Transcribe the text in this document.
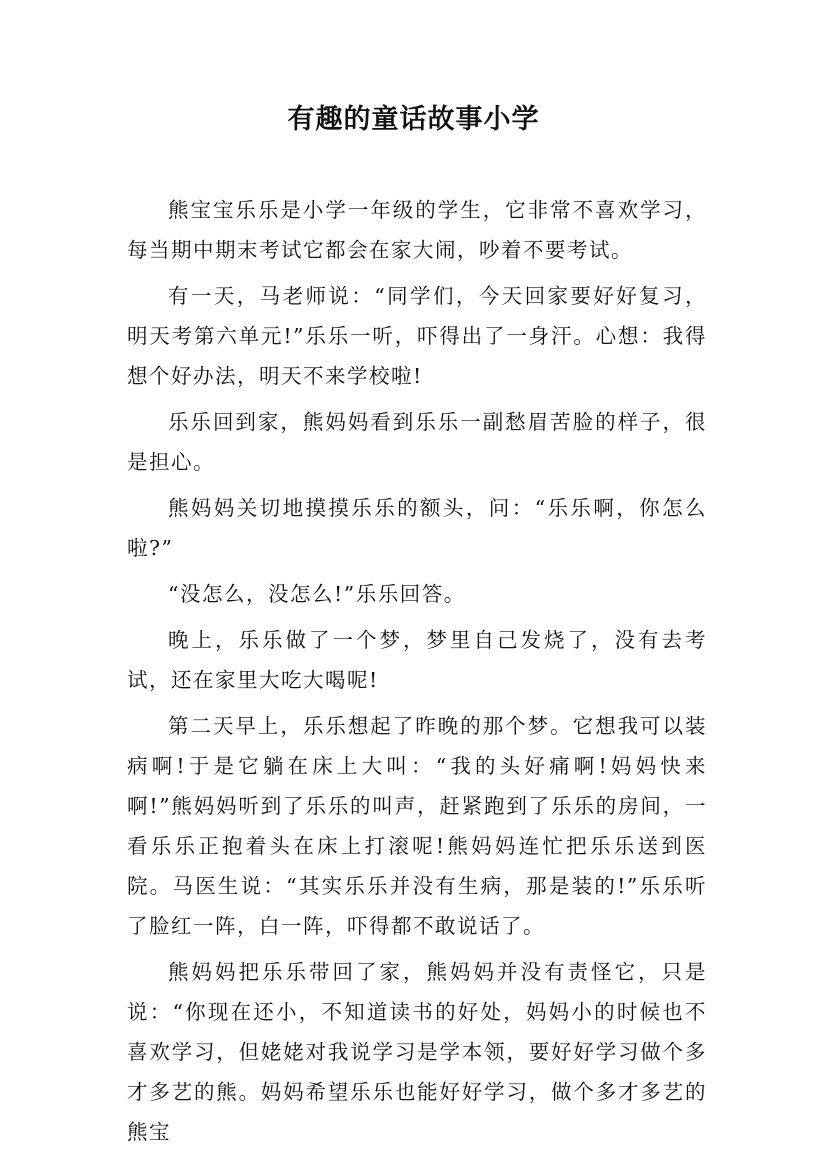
有趣的童话故事小学

熊宝宝乐乐是小学一年级的学生，它非常不喜欢学习，每当期中期末考试它都会在家大闹，吵着不要考试。

有一天，马老师说：“同学们，今天回家要好好复习，明天考第六单元!”乐乐一听，吓得出了一身汗。心想：我得想个好办法，明天不来学校啦!

乐乐回到家，熊妈妈看到乐乐一副愁眉苦脸的样子，很是担心。

熊妈妈关切地摸摸乐乐的额头，问：“乐乐啊，你怎么啦?”

“没怎么，没怎么!”乐乐回答。

晚上，乐乐做了一个梦，梦里自己发烧了，没有去考试，还在家里大吃大喝呢!

第二天早上，乐乐想起了昨晚的那个梦。它想我可以装病啊!于是它躺在床上大叫：“我的头好痛啊!妈妈快来啊!”熊妈妈听到了乐乐的叫声，赶紧跑到了乐乐的房间，一看乐乐正抱着头在床上打滚呢!熊妈妈连忙把乐乐送到医院。马医生说：“其实乐乐并没有生病，那是装的!”乐乐听了脸红一阵，白一阵，吓得都不敢说话了。

熊妈妈把乐乐带回了家，熊妈妈并没有责怪它，只是说：“你现在还小，不知道读书的好处，妈妈小的时候也不喜欢学习，但姥姥对我说学习是学本领，要好好学习做个多才多艺的熊。妈妈希望乐乐也能好好学习，做个多才多艺的熊宝
